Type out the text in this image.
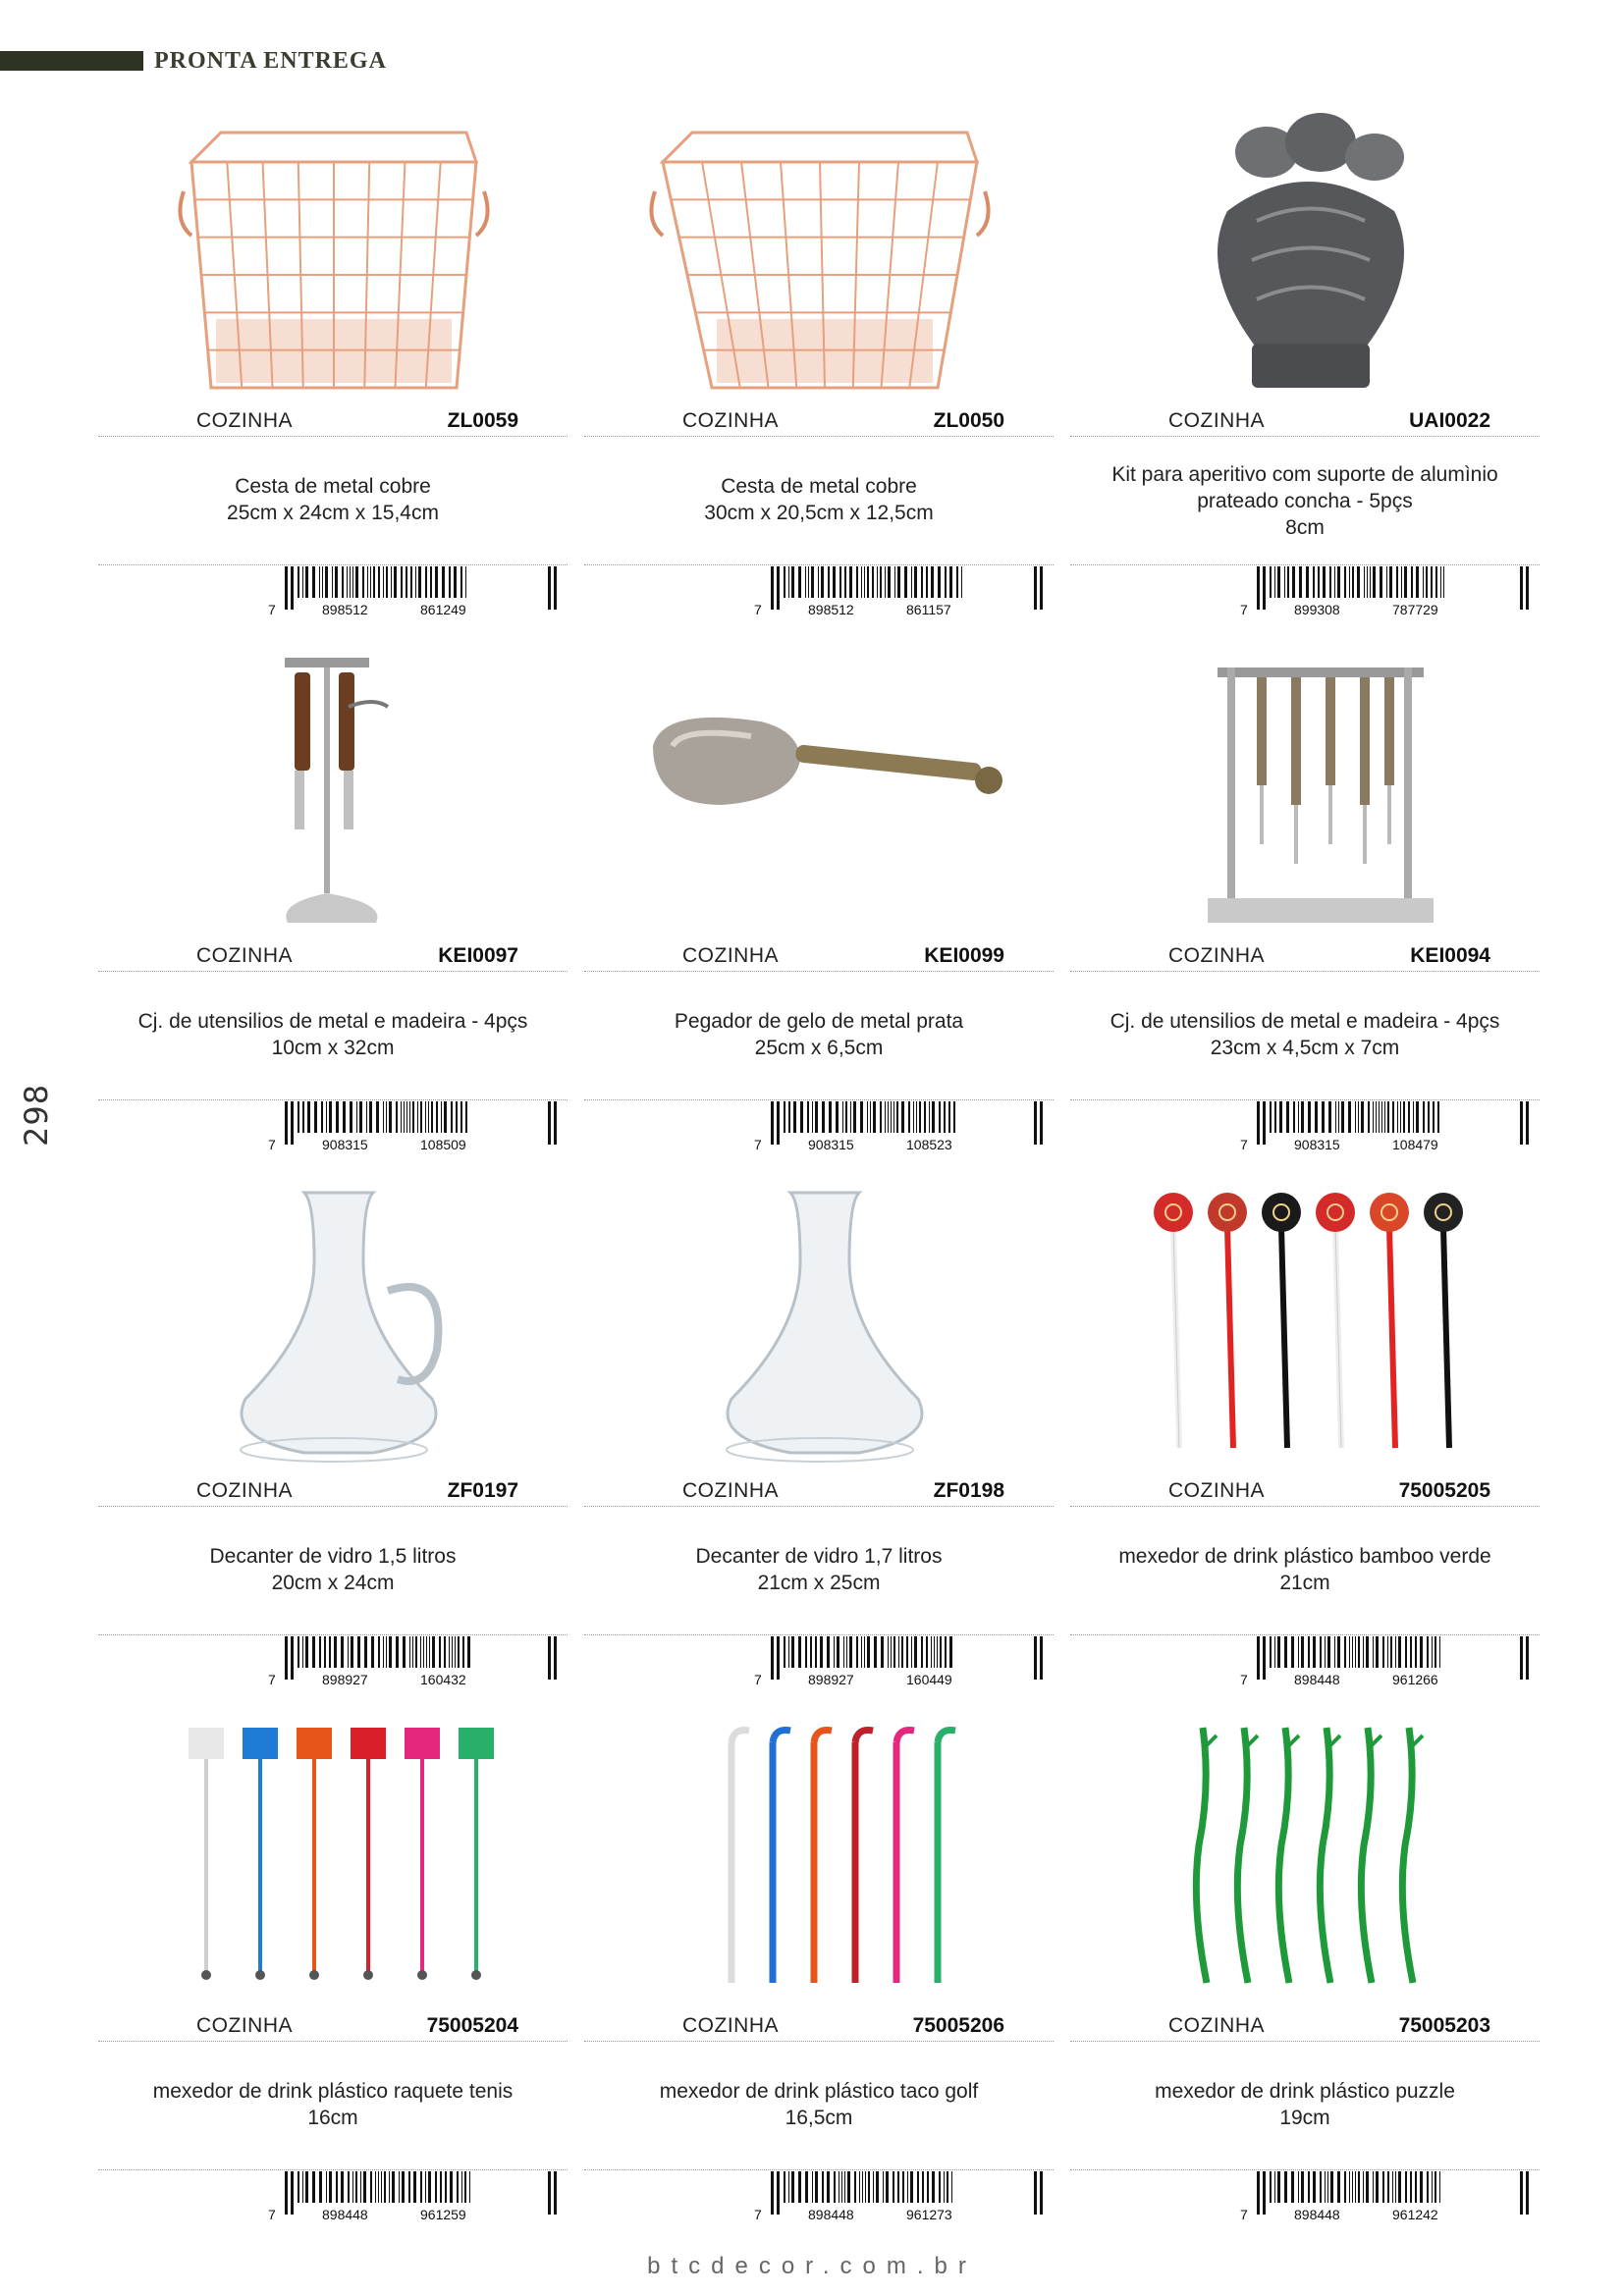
PRONTA ENTREGA
298
COZINHA	ZL0059
Cesta de metal cobre
25cm x 24cm x 15,4cm
7	898512	861249
COZINHA	ZL0050
Cesta de metal cobre
30cm x 20,5cm x 12,5cm
7	898512	861157
COZINHA	UAI0022
Kit para aperitivo com suporte de alumìnio
prateado concha - 5pçs
8cm
7	899308	787729
COZINHA	KEI0097
Cj. de utensilios de metal e madeira - 4pçs
10cm x 32cm
7	908315	108509
COZINHA	KEI0099
Pegador de gelo de metal prata
25cm x 6,5cm
7	908315	108523
COZINHA	KEI0094
Cj. de utensilios de metal e madeira - 4pçs
23cm x 4,5cm x 7cm
7	908315	108479
COZINHA	ZF0197
Decanter de vidro 1,5 litros
20cm x 24cm
7	898927	160432
COZINHA	ZF0198
Decanter de vidro 1,7 litros
21cm x 25cm
7	898927	160449
COZINHA	75005205
mexedor de drink plástico bamboo verde
21cm
7	898448	961266
COZINHA	75005204
mexedor de drink plástico raquete tenis
16cm
7	898448	961259
COZINHA	75005206
mexedor de drink plástico taco golf
16,5cm
7	898448	961273
COZINHA	75005203
mexedor de drink plástico puzzle
19cm
7	898448	961242
btcdecor.com.br
